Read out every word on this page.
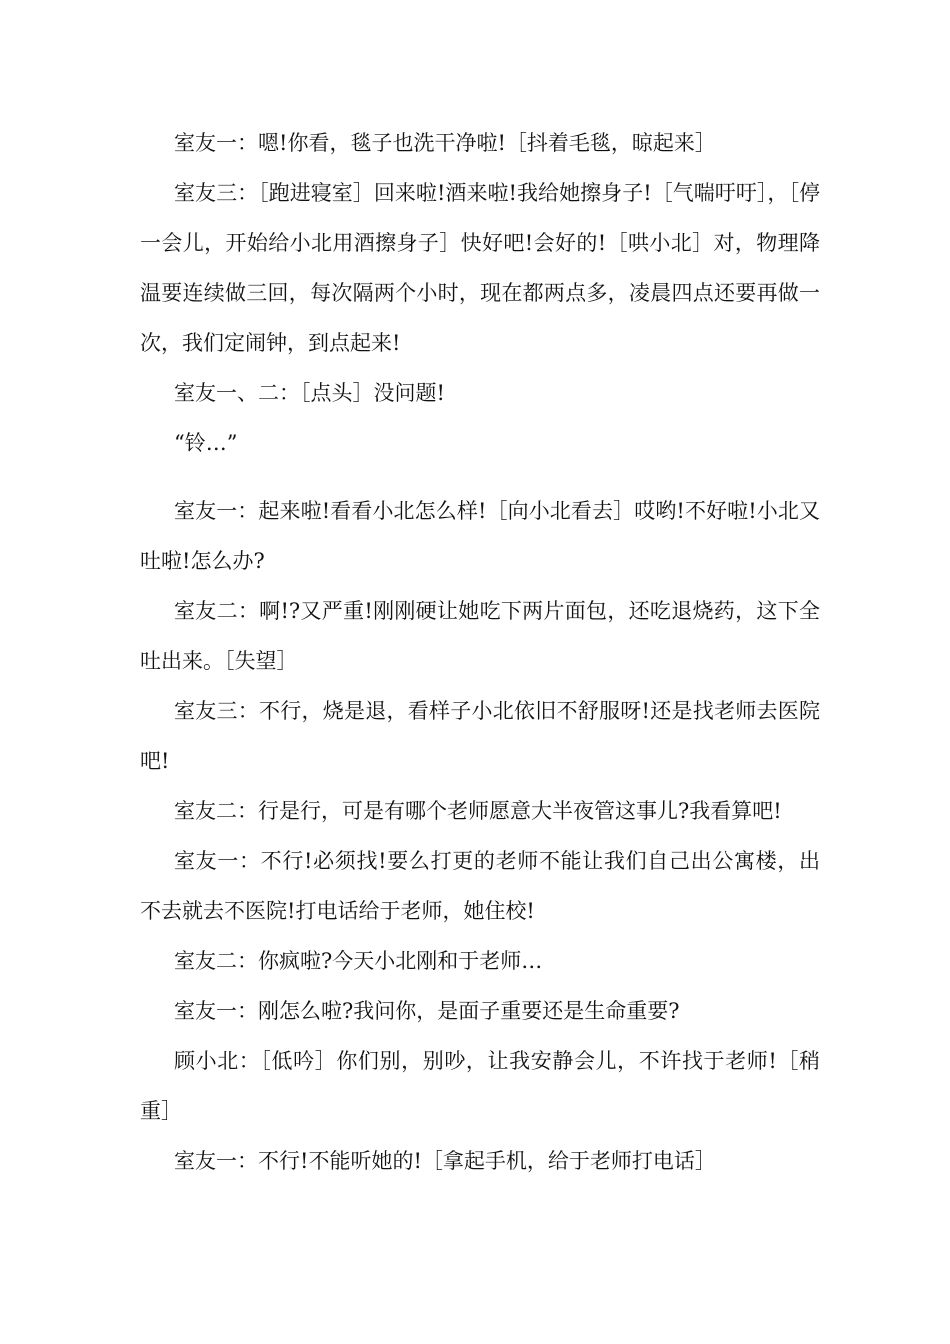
室友一：嗯!你看，毯子也洗干净啦!［抖着毛毯，晾起来］

室友三：［跑进寝室］回来啦!酒来啦!我给她擦身子!［气喘吁吁］，［停一会儿，开始给小北用酒擦身子］快好吧!会好的!［哄小北］对，物理降温要连续做三回，每次隔两个小时，现在都两点多，凌晨四点还要再做一次，我们定闹钟，到点起来!

室友一、二：［点头］没问题!

“铃…”

室友一：起来啦!看看小北怎么样!［向小北看去］哎哟!不好啦!小北又吐啦!怎么办?

室友二：啊!?又严重!刚刚硬让她吃下两片面包，还吃退烧药，这下全吐出来。［失望］

室友三：不行，烧是退，看样子小北依旧不舒服呀!还是找老师去医院吧!

室友二：行是行，可是有哪个老师愿意大半夜管这事儿?我看算吧!

室友一：不行!必须找!要么打更的老师不能让我们自己出公寓楼，出不去就去不医院!打电话给于老师，她住校!

室友二：你疯啦?今天小北刚和于老师…

室友一：刚怎么啦?我问你，是面子重要还是生命重要?

顾小北：［低吟］你们别，别吵，让我安静会儿，不许找于老师!［稍重］

室友一：不行!不能听她的!［拿起手机，给于老师打电话］
